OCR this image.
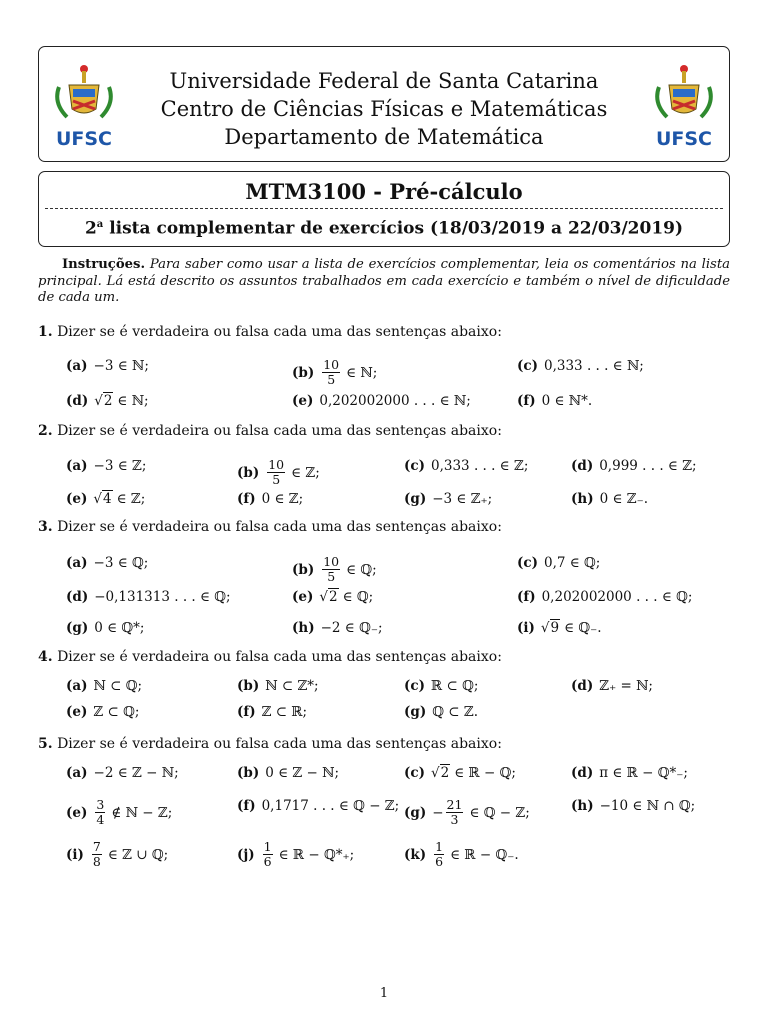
UFSC
Universidade Federal de Santa Catarina
Centro de Ciências Físicas e Matemáticas
Departamento de Matemática	UFSC
MTM3100 - Pré-cálculo
2$^a$ lista complementar de exercícios (18/03/2019 a 22/03/2019)
Instruções. Para saber como usar a lista de exercícios complementar, leia os comentários na lista principal. Lá está descrito os assuntos trabalhados em cada exercício e também o nível de dificuldade de cada um.
1. Dizer se é verdadeira ou falsa cada uma das sentenças abaixo:
2. Dizer se é verdadeira ou falsa cada uma das sentenças abaixo:
3. Dizer se é verdadeira ou falsa cada uma das sentenças abaixo:
4. Dizer se é verdadeira ou falsa cada uma das sentenças abaixo:
5. Dizer se é verdadeira ou falsa cada uma das sentenças abaixo:
(a) −3 ∈ ℕ;	$(b) \frac{10}{5}$ ∈ ℕ;	(c) 0,333 . . . ∈ ℕ;
(d) √2 ∈ ℕ;	(e) 0,202002000 . . . ∈ ℕ;	(f) 0 ∈ ℕ*.
(a) −3 ∈ ℤ;	$(b) \frac{10}{5}$ ∈ ℤ;	(c) 0,333 . . . ∈ ℤ;	(d) 0,999 . . . ∈ ℤ;
(e) √4 ∈ ℤ;	(f) 0 ∈ ℤ;	(g) −3 ∈ ℤ₊;	(h) 0 ∈ ℤ₋.
(a) −3 ∈ ℚ;	$(b) \frac{10}{5}$ ∈ ℚ;	(c) 0,7 ∈ ℚ;
(d) −0,131313 . . . ∈ ℚ;	(e) √2 ∈ ℚ;	(f) 0,202002000 . . . ∈ ℚ;
(g) 0 ∈ ℚ*;	(h) −2 ∈ ℚ₋;	(i) √9 ∈ ℚ₋.
(a) ℕ ⊂ ℚ;	(b) ℕ ⊂ ℤ*;	(c) ℝ ⊂ ℚ;	(d) ℤ₊ = ℕ;
(e) ℤ ⊂ ℚ;	(f) ℤ ⊂ ℝ;	(g) ℚ ⊂ ℤ.
(a) −2 ∈ ℤ − ℕ;	(b) 0 ∈ ℤ − ℕ;	(c) √2 ∈ ℝ − ℚ;	(d) π ∈ ℝ − ℚ*₋;
$(e) \frac{3}{4}$ ∉ ℕ − ℤ;	(f) 0,1717 . . . ∈ ℚ − ℤ; $(g) - \frac{21}{3}$ ∈ ℚ − ℤ;	(h) −10 ∈ ℕ ∩ ℚ;
$(i) \frac{7}{8}$ ∈ ℤ ∪ ℚ;	$(j) \frac{1}{6}$ ∈ ℝ − ℚ*₊;	$(k) \frac{1}{6}$ ∈ ℝ − ℚ₋.
1
